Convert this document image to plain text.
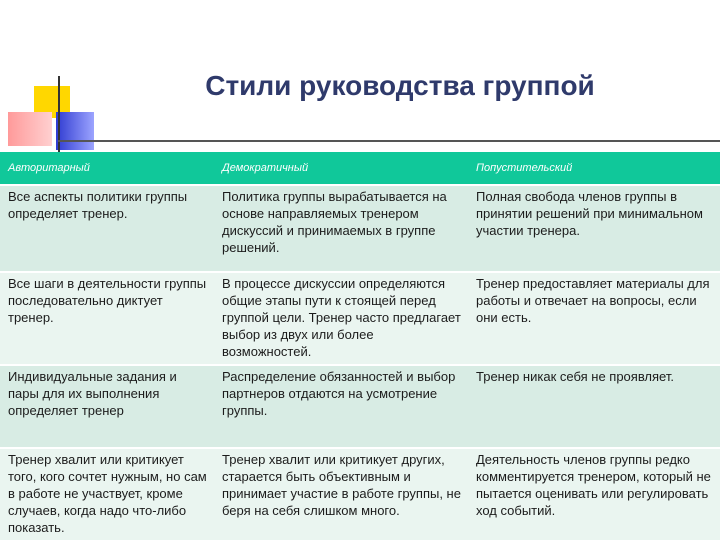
Стили руководства группой
Авторитарный	Демократичный	Попустительский
Все аспекты политики группы определяет тренер.	Политика группы вырабатывается на основе направляемых тренером дискуссий и принимаемых в группе решений.	Полная свобода членов группы в принятии решений при минимальном участии тренера.
Все шаги в деятельности группы последовательно диктует тренер.	В процессе дискуссии определяются общие этапы пути к стоящей перед группой цели. Тренер часто предлагает выбор из двух или более возможностей.	Тренер предоставляет материалы для работы и отвечает на вопросы, если они есть.
Индивидуальные задания и пары для их выполнения определяет тренер	Распределение обязанностей и выбор партнеров отдаются на усмотрение группы.	Тренер никак себя не проявляет.
Тренер хвалит или критикует того, кого сочтет нужным, но сам в работе не участвует, кроме случаев, когда надо что-либо показать.	Тренер хвалит или критикует других, старается быть объективным и принимает участие в работе группы, не беря на себя слишком много.	Деятельность членов группы редко комментируется тренером, который не пытается оценивать или регулировать ход событий.
